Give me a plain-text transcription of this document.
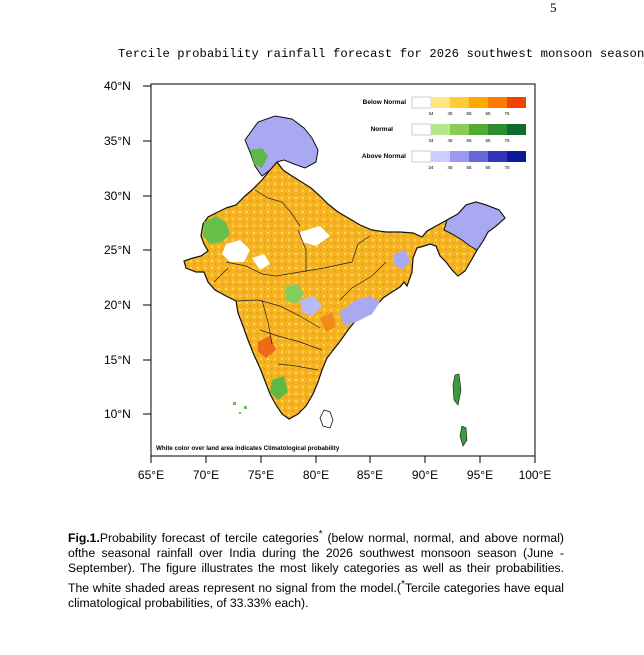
5
Tercile probability rainfall forecast for 2026 southwest monsoon season
40°N
35°N
30°N
25°N
20°N
15°N
10°N
65°E 70°E 75°E 80°E 85°E 90°E 95°E 100°E
Below Normal
34	45	55	65	75
Normal
34	45	55	65	75
Above Normal
34	45	55	65	75
White color over land area indicates Climatological probability
Fig.1.Probability forecast of tercile categories* (below normal, normal, and above normal) ofthe seasonal rainfall over India during the 2026 southwest monsoon season (June -September). The figure illustrates the most likely categories as well as their probabilities. The white shaded areas represent no signal from the model.(*Tercile categories have equal climatological probabilities, of 33.33% each).
